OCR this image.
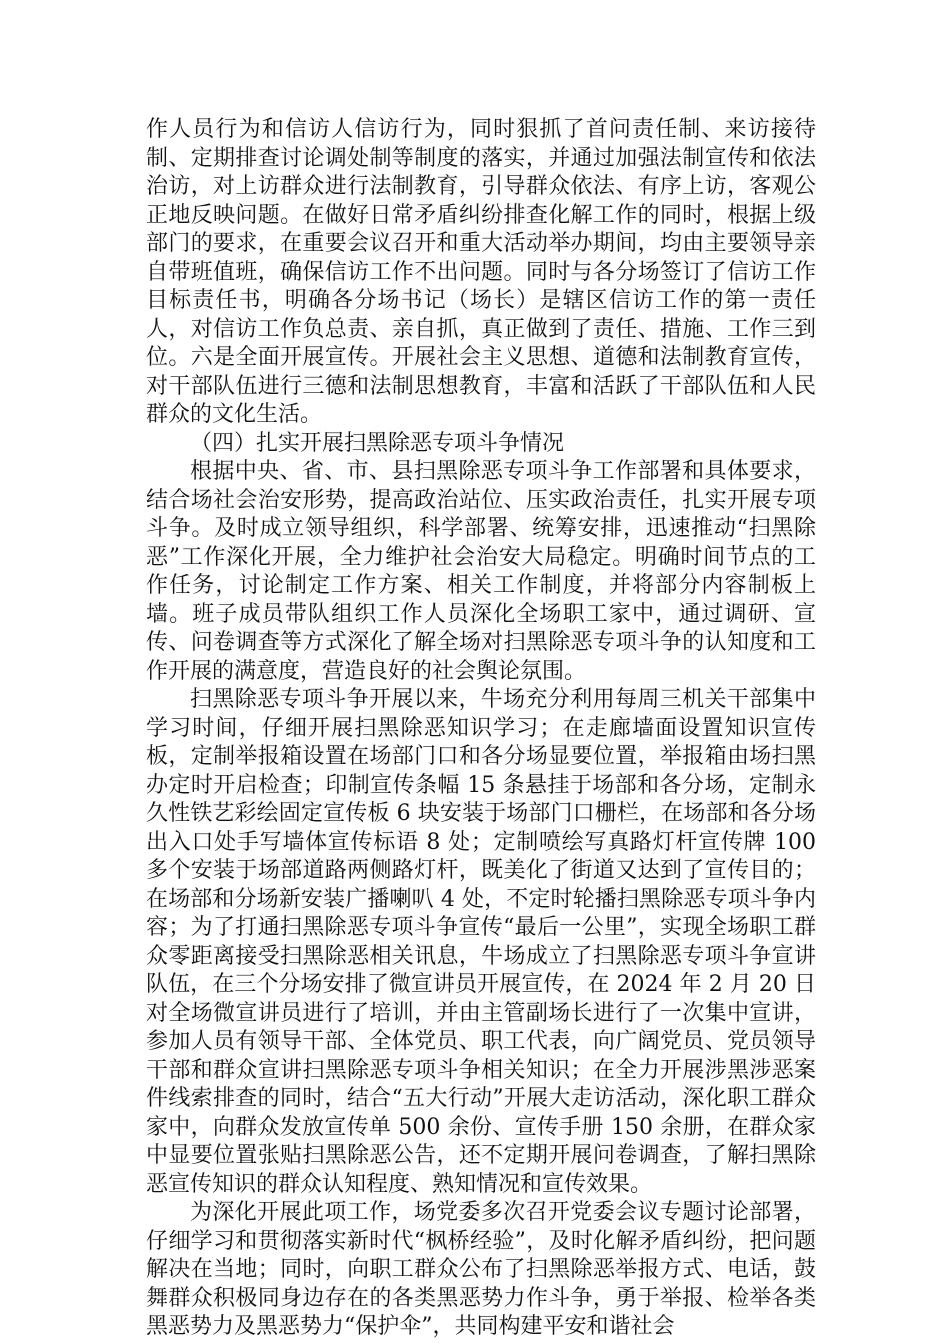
作人员行为和信访人信访行为，同时狠抓了首问责任制、来访接待制、定期排查讨论调处制等制度的落实，并通过加强法制宣传和依法治访，对上访群众进行法制教育，引导群众依法、有序上访，客观公正地反映问题。在做好日常矛盾纠纷排查化解工作的同时，根据上级部门的要求，在重要会议召开和重大活动举办期间，均由主要领导亲自带班值班，确保信访工作不出问题。同时与各分场签订了信访工作目标责任书，明确各分场书记（场长）是辖区信访工作的第一责任人，对信访工作负总责、亲自抓，真正做到了责任、措施、工作三到位。六是全面开展宣传。开展社会主义思想、道德和法制教育宣传，对干部队伍进行三德和法制思想教育，丰富和活跃了干部队伍和人民群众的文化生活。

（四）扎实开展扫黑除恶专项斗争情况

根据中央、省、市、县扫黑除恶专项斗争工作部署和具体要求，结合场社会治安形势，提高政治站位、压实政治责任，扎实开展专项斗争。及时成立领导组织，科学部署、统筹安排，迅速推动“扫黑除恶”工作深化开展，全力维护社会治安大局稳定。明确时间节点的工作任务，讨论制定工作方案、相关工作制度，并将部分内容制板上墙。班子成员带队组织工作人员深化全场职工家中，通过调研、宣传、问卷调查等方式深化了解全场对扫黑除恶专项斗争的认知度和工作开展的满意度，营造良好的社会舆论氛围。

扫黑除恶专项斗争开展以来，牛场充分利用每周三机关干部集中学习时间，仔细开展扫黑除恶知识学习；在走廊墙面设置知识宣传板，定制举报箱设置在场部门口和各分场显要位置，举报箱由场扫黑办定时开启检查；印制宣传条幅 15 条悬挂于场部和各分场，定制永久性铁艺彩绘固定宣传板 6 块安装于场部门口栅栏，在场部和各分场出入口处手写墙体宣传标语 8 处；定制喷绘写真路灯杆宣传牌 100 多个安装于场部道路两侧路灯杆，既美化了街道又达到了宣传目的；在场部和分场新安装广播喇叭 4 处，不定时轮播扫黑除恶专项斗争内容；为了打通扫黑除恶专项斗争宣传“最后一公里”，实现全场职工群众零距离接受扫黑除恶相关讯息，牛场成立了扫黑除恶专项斗争宣讲队伍，在三个分场安排了微宣讲员开展宣传，在 2024 年 2 月 20 日对全场微宣讲员进行了培训，并由主管副场长进行了一次集中宣讲，参加人员有领导干部、全体党员、职工代表，向广阔党员、党员领导干部和群众宣讲扫黑除恶专项斗争相关知识；在全力开展涉黑涉恶案件线索排查的同时，结合“五大行动”开展大走访活动，深化职工群众家中，向群众发放宣传单 500 余份、宣传手册 150 余册，在群众家中显要位置张贴扫黑除恶公告，还不定期开展问卷调查，了解扫黑除恶宣传知识的群众认知程度、熟知情况和宣传效果。

为深化开展此项工作，场党委多次召开党委会议专题讨论部署，仔细学习和贯彻落实新时代“枫桥经验”，及时化解矛盾纠纷，把问题解决在当地；同时，向职工群众公布了扫黑除恶举报方式、电话，鼓舞群众积极同身边存在的各类黑恶势力作斗争，勇于举报、检举各类黑恶势力及黑恶势力“保护伞”，共同构建平安和谐社会
